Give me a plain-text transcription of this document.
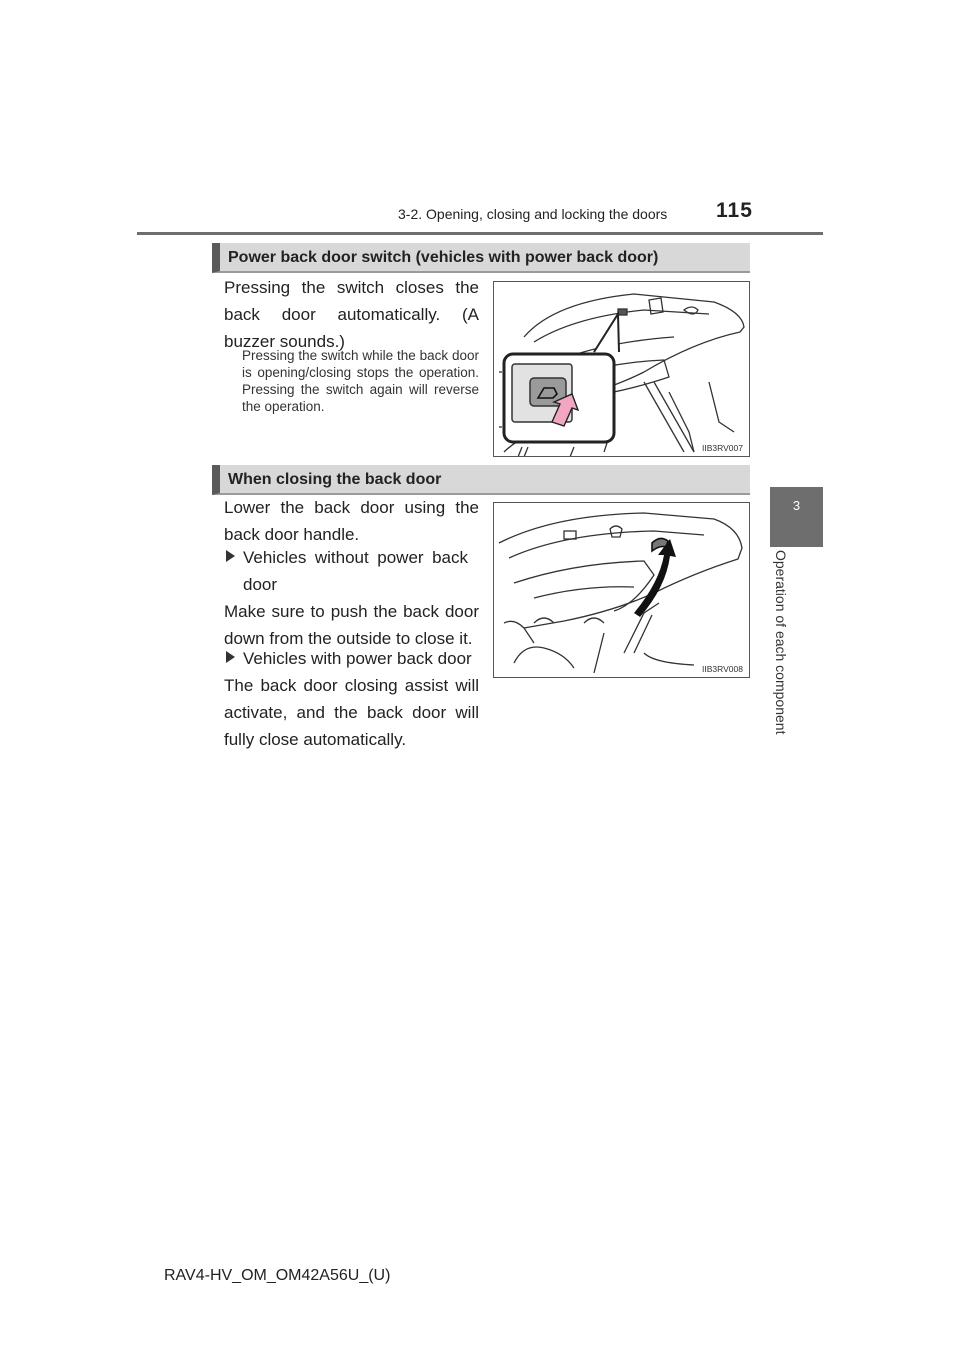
3-2. Opening, closing and locking the doors 115
3
Operation of each component
Power back door switch (vehicles with power back door)
Pressing the switch closes the back door automatically. (A buzzer sounds.)
Pressing the switch while the back door is opening/closing stops the operation. Pressing the switch again will reverse the operation.
IIB3RV007
When closing the back door
Lower the back door using the back door handle.
Vehicles without power back door
Make sure to push the back door down from the outside to close it.
Vehicles with power back door
The back door closing assist will activate, and the back door will fully close automatically.
IIB3RV008
RAV4-HV_OM_OM42A56U_(U)
